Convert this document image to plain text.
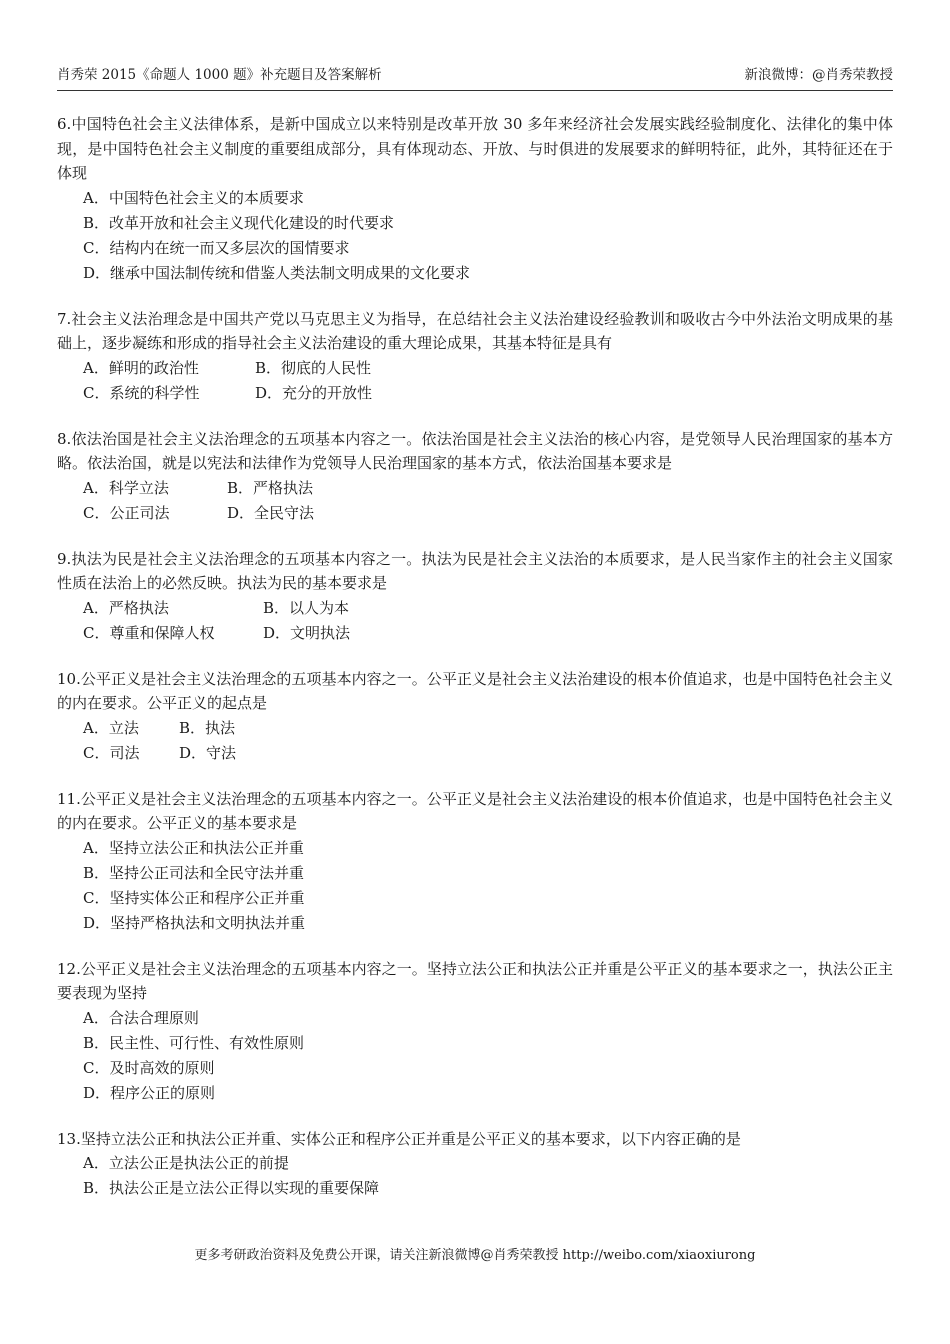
肖秀荣 2015《命题人 1000 题》补充题目及答案解析	新浪微博：@肖秀荣教授

6.中国特色社会主义法律体系，是新中国成立以来特别是改革开放 30 多年来经济社会发展实践经验制度化、法律化的集中体现，是中国特色社会主义制度的重要组成部分，具有体现动态、开放、与时俱进的发展要求的鲜明特征，此外，其特征还在于体现

A．中国特色社会主义的本质要求
B．改革开放和社会主义现代化建设的时代要求
C．结构内在统一而又多层次的国情要求
D．继承中国法制传统和借鉴人类法制文明成果的文化要求

7.社会主义法治理念是中国共产党以马克思主义为指导，在总结社会主义法治建设经验教训和吸收古今中外法治文明成果的基础上，逐步凝练和形成的指导社会主义法治建设的重大理论成果，其基本特征是具有

A．鲜明的政治性	B．彻底的人民性
C．系统的科学性	D．充分的开放性

8.依法治国是社会主义法治理念的五项基本内容之一。依法治国是社会主义法治的核心内容，是党领导人民治理国家的基本方略。依法治国，就是以宪法和法律作为党领导人民治理国家的基本方式，依法治国基本要求是

A．科学立法	B．严格执法
C．公正司法	D．全民守法

9.执法为民是社会主义法治理念的五项基本内容之一。执法为民是社会主义法治的本质要求，是人民当家作主的社会主义国家性质在法治上的必然反映。执法为民的基本要求是

A．严格执法	B．以人为本
C．尊重和保障人权	D．文明执法

10.公平正义是社会主义法治理念的五项基本内容之一。公平正义是社会主义法治建设的根本价值追求，也是中国特色社会主义的内在要求。公平正义的起点是

A．立法	B．执法
C．司法	D．守法

11.公平正义是社会主义法治理念的五项基本内容之一。公平正义是社会主义法治建设的根本价值追求，也是中国特色社会主义的内在要求。公平正义的基本要求是

A．坚持立法公正和执法公正并重
B．坚持公正司法和全民守法并重
C．坚持实体公正和程序公正并重
D．坚持严格执法和文明执法并重

12.公平正义是社会主义法治理念的五项基本内容之一。坚持立法公正和执法公正并重是公平正义的基本要求之一，执法公正主要表现为坚持

A．合法合理原则
B．民主性、可行性、有效性原则
C．及时高效的原则
D．程序公正的原则

13.坚持立法公正和执法公正并重、实体公正和程序公正并重是公平正义的基本要求，以下内容正确的是

A．立法公正是执法公正的前提
B．执法公正是立法公正得以实现的重要保障
更多考研政治资料及免费公开课，请关注新浪微博@肖秀荣教授 http://weibo.com/xiaoxiurong
